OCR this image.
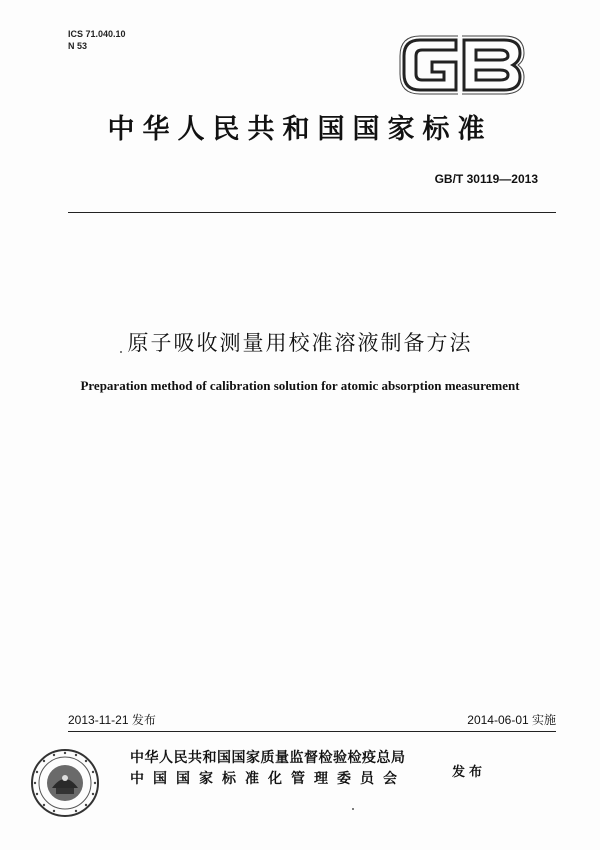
ICS 71.040.10
N 53
中华人民共和国国家标准
GB/T 30119—2013
原子吸收测量用校准溶液制备方法
Preparation method of calibration solution for atomic absorption measurement
2013-11-21 发布	2014-06-01 实施
中华人民共和国国家质量监督检验检疫总局
中国国家标准化管理委员会	发布
